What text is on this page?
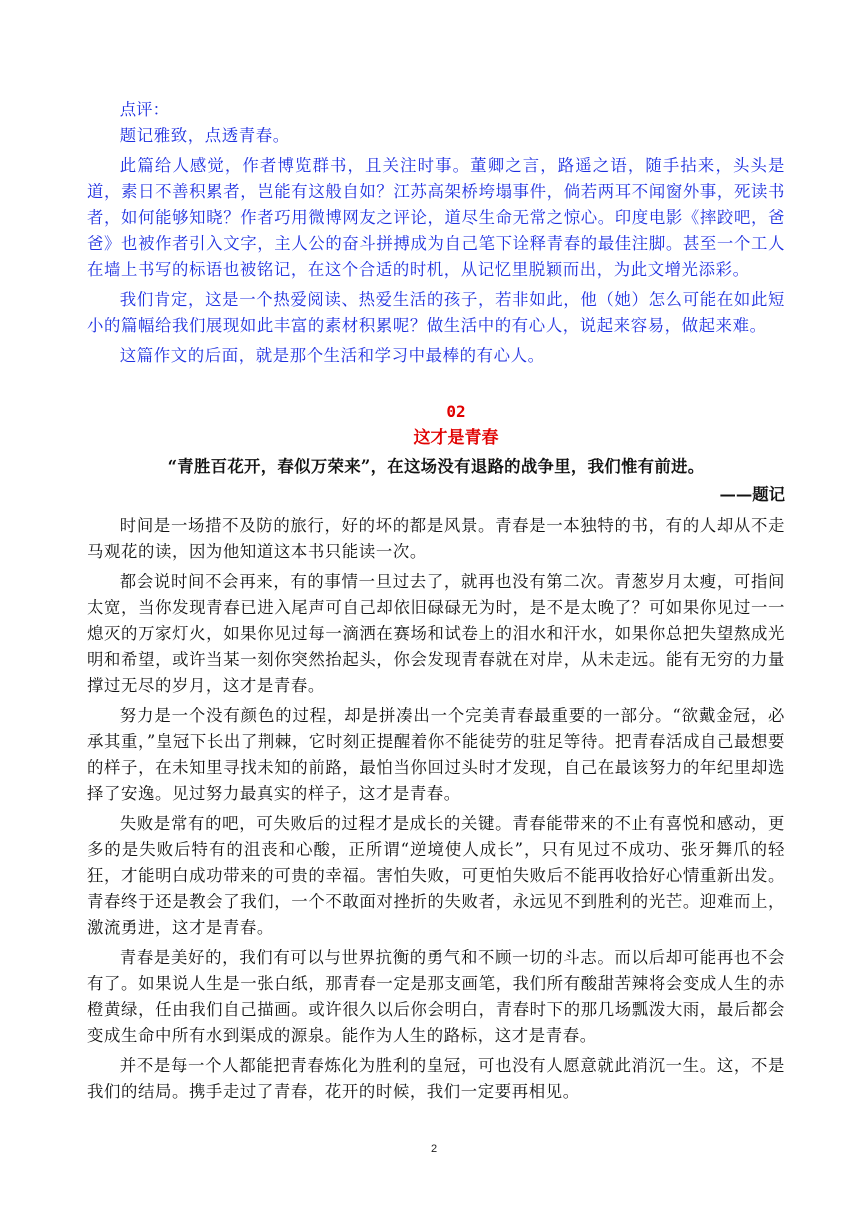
点评：

题记雅致，点透青春。

此篇给人感觉，作者博览群书，且关注时事。董卿之言，路遥之语，随手拈来，头头是道，素日不善积累者，岂能有这般自如？江苏高架桥垮塌事件，倘若两耳不闻窗外事，死读书者，如何能够知晓？作者巧用微博网友之评论，道尽生命无常之惊心。印度电影《摔跤吧，爸爸》也被作者引入文字，主人公的奋斗拼搏成为自己笔下诠释青春的最佳注脚。甚至一个工人在墙上书写的标语也被铭记，在这个合适的时机，从记忆里脱颖而出，为此文增光添彩。

我们肯定，这是一个热爱阅读、热爱生活的孩子，若非如此，他（她）怎么可能在如此短小的篇幅给我们展现如此丰富的素材积累呢？做生活中的有心人，说起来容易，做起来难。

这篇作文的后面，就是那个生活和学习中最棒的有心人。

02
这才是青春

“青胜百花开，春似万荣来”，在这场没有退路的战争里，我们惟有前进。

——题记

时间是一场措不及防的旅行，好的坏的都是风景。青春是一本独特的书，有的人却从不走马观花的读，因为他知道这本书只能读一次。

都会说时间不会再来，有的事情一旦过去了，就再也没有第二次。青葱岁月太瘦，可指间太宽，当你发现青春已进入尾声可自己却依旧碌碌无为时，是不是太晚了？可如果你见过一一熄灭的万家灯火，如果你见过每一滴洒在赛场和试卷上的泪水和汗水，如果你总把失望熬成光明和希望，或许当某一刻你突然抬起头，你会发现青春就在对岸，从未走远。能有无穷的力量撑过无尽的岁月，这才是青春。

努力是一个没有颜色的过程，却是拼凑出一个完美青春最重要的一部分。“欲戴金冠，必承其重，”皇冠下长出了荆棘，它时刻正提醒着你不能徒劳的驻足等待。把青春活成自己最想要的样子，在未知里寻找未知的前路，最怕当你回过头时才发现，自己在最该努力的年纪里却选择了安逸。见过努力最真实的样子，这才是青春。

失败是常有的吧，可失败后的过程才是成长的关键。青春能带来的不止有喜悦和感动，更多的是失败后特有的沮丧和心酸，正所谓“逆境使人成长”，只有见过不成功、张牙舞爪的轻狂，才能明白成功带来的可贵的幸福。害怕失败，可更怕失败后不能再收拾好心情重新出发。青春终于还是教会了我们，一个不敢面对挫折的失败者，永远见不到胜利的光芒。迎难而上，激流勇进，这才是青春。

青春是美好的，我们有可以与世界抗衡的勇气和不顾一切的斗志。而以后却可能再也不会有了。如果说人生是一张白纸，那青春一定是那支画笔，我们所有酸甜苦辣将会变成人生的赤橙黄绿，任由我们自己描画。或许很久以后你会明白，青春时下的那几场瓢泼大雨，最后都会变成生命中所有水到渠成的源泉。能作为人生的路标，这才是青春。

并不是每一个人都能把青春炼化为胜利的皇冠，可也没有人愿意就此消沉一生。这，不是我们的结局。携手走过了青春，花开的时候，我们一定要再相见。

2
